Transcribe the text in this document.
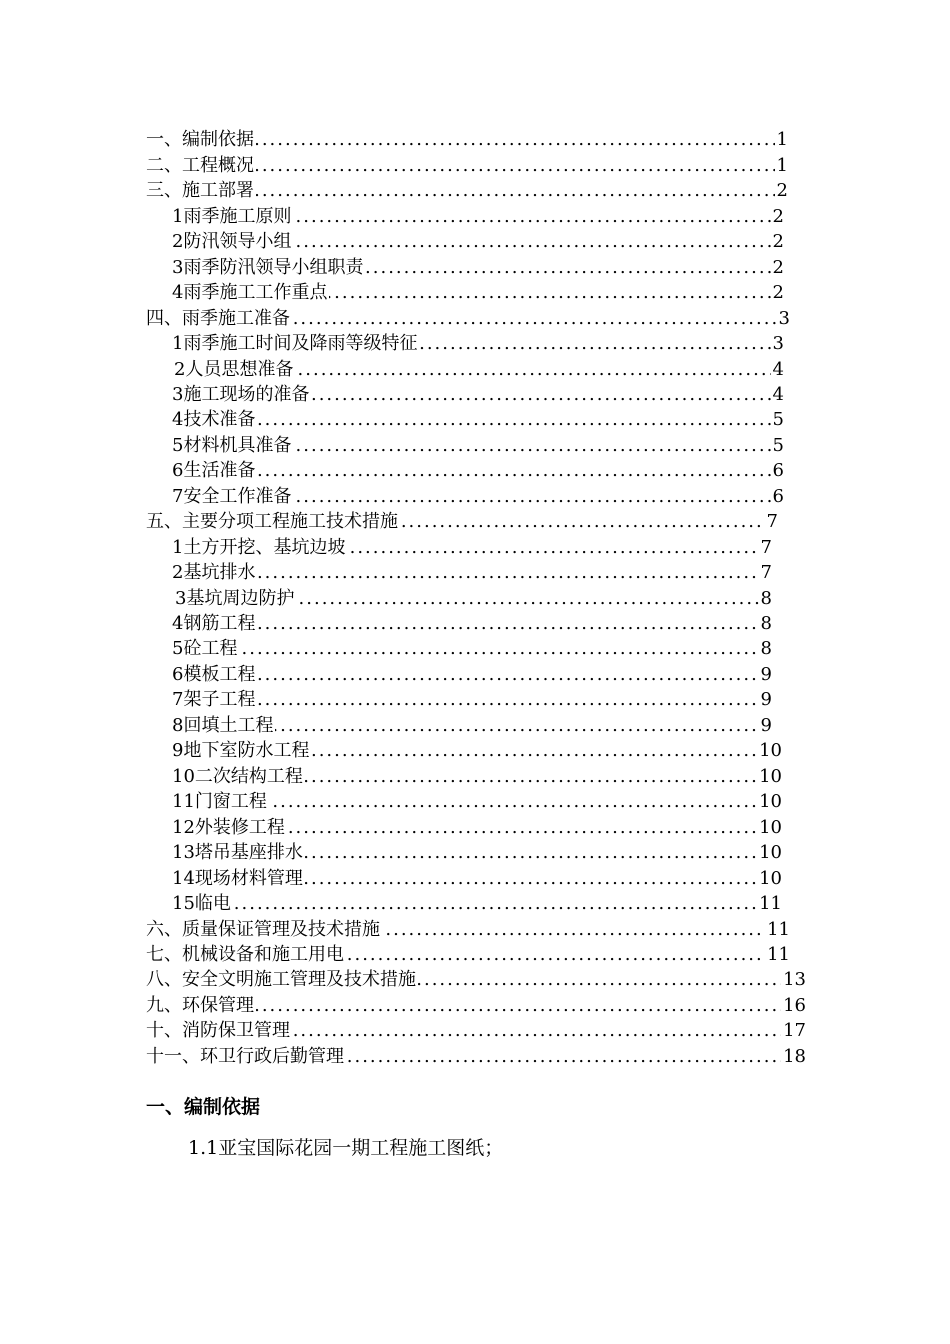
.....
一、编制依据	1
.....
二、工程概况	1
.....
三、施工部署	2
.....
1雨季施工原则	2
.....
2防汛领导小组	2
.....
3雨季防汛领导小组职责	2
.....
4雨季施工工作重点	2
.....
四、雨季施工准备	3
.....
1雨季施工时间及降雨等级特征	3
.....
2人员思想准备	4
.....
3施工现场的准备	4
.....
4技术准备	5
.....
5材料机具准备	5
.....
6生活准备	6
.....
7安全工作准备	6
.....
五、主要分项工程施工技术措施	7
.....
1土方开挖、基坑边坡	7
.....
2基坑排水	7
.....
3基坑周边防护	8
.....
4钢筋工程	8
.....
5砼工程	8
.....
6模板工程	9
.....
7架子工程	9
.....
8回填土工程	9
.....
9地下室防水工程	10
.....
10二次结构工程	10
.....
11门窗工程	10
.....
12外装修工程	10
.....
13塔吊基座排水	10
.....
14现场材料管理	10
.....
15临电	11
.....
六、质量保证管理及技术措施	11
.....
七、机械设备和施工用电	11
.....
八、安全文明施工管理及技术措施	13
.....
九、环保管理	16
.....
十、消防保卫管理	17
.....
十一、环卫行政后勤管理	18
一、编制依据
1.1亚宝国际花园一期工程施工图纸；
